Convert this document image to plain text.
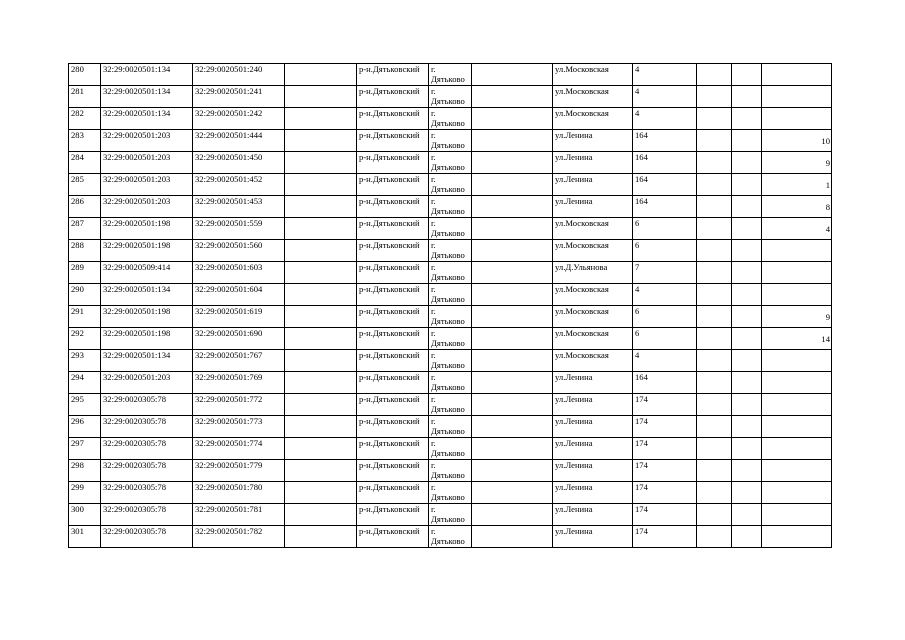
280	32:29:0020501:134	32:29:0020501:240		р-н.Дятьковский	г.
Дятьково		ул.Московская	4			
281	32:29:0020501:134	32:29:0020501:241		р-н.Дятьковский	г.
Дятьково		ул.Московская	4			
282	32:29:0020501:134	32:29:0020501:242		р-н.Дятьковский	г.
Дятьково		ул.Московская	4			
283	32:29:0020501:203	32:29:0020501:444		р-н.Дятьковский	г.
Дятьково		ул.Ленина	164			10
284	32:29:0020501:203	32:29:0020501:450		р-н.Дятьковский	г.
Дятьково		ул.Ленина	164			9
285	32:29:0020501:203	32:29:0020501:452		р-н.Дятьковский	г.
Дятьково		ул.Ленина	164			1
286	32:29:0020501:203	32:29:0020501:453		р-н.Дятьковский	г.
Дятьково		ул.Ленина	164			8
287	32:29:0020501:198	32:29:0020501:559		р-н.Дятьковский	г.
Дятьково		ул.Московская	6			4
288	32:29:0020501:198	32:29:0020501:560		р-н.Дятьковский	г.
Дятьково		ул.Московская	6			
289	32:29:0020509:414	32:29:0020501:603		р-н.Дятьковский	г.
Дятьково		ул.Д.Ульянова	7			
290	32:29:0020501:134	32:29:0020501:604		р-н.Дятьковский	г.
Дятьково		ул.Московская	4			
291	32:29:0020501:198	32:29:0020501:619		р-н.Дятьковский	г.
Дятьково		ул.Московская	6			9
292	32:29:0020501:198	32:29:0020501:690		р-н.Дятьковский	г.
Дятьково		ул.Московская	6			14
293	32:29:0020501:134	32:29:0020501:767		р-н.Дятьковский	г.
Дятьково		ул.Московская	4			
294	32:29:0020501:203	32:29:0020501:769		р-н.Дятьковский	г.
Дятьково		ул.Ленина	164			
295	32:29:0020305:78	32:29:0020501:772		р-н.Дятьковский	г.
Дятьково		ул.Ленина	174			
296	32:29:0020305:78	32:29:0020501:773		р-н.Дятьковский	г.
Дятьково		ул.Ленина	174			
297	32:29:0020305:78	32:29:0020501:774		р-н.Дятьковский	г.
Дятьково		ул.Ленина	174			
298	32:29:0020305:78	32:29:0020501:779		р-н.Дятьковский	г.
Дятьково		ул.Ленина	174			
299	32:29:0020305:78	32:29:0020501:780		р-н.Дятьковский	г.
Дятьково		ул.Ленина	174			
300	32:29:0020305:78	32:29:0020501:781		р-н.Дятьковский	г.
Дятьково		ул.Ленина	174			
301	32:29:0020305:78	32:29:0020501:782		р-н.Дятьковский	г.
Дятьково		ул.Ленина	174			
